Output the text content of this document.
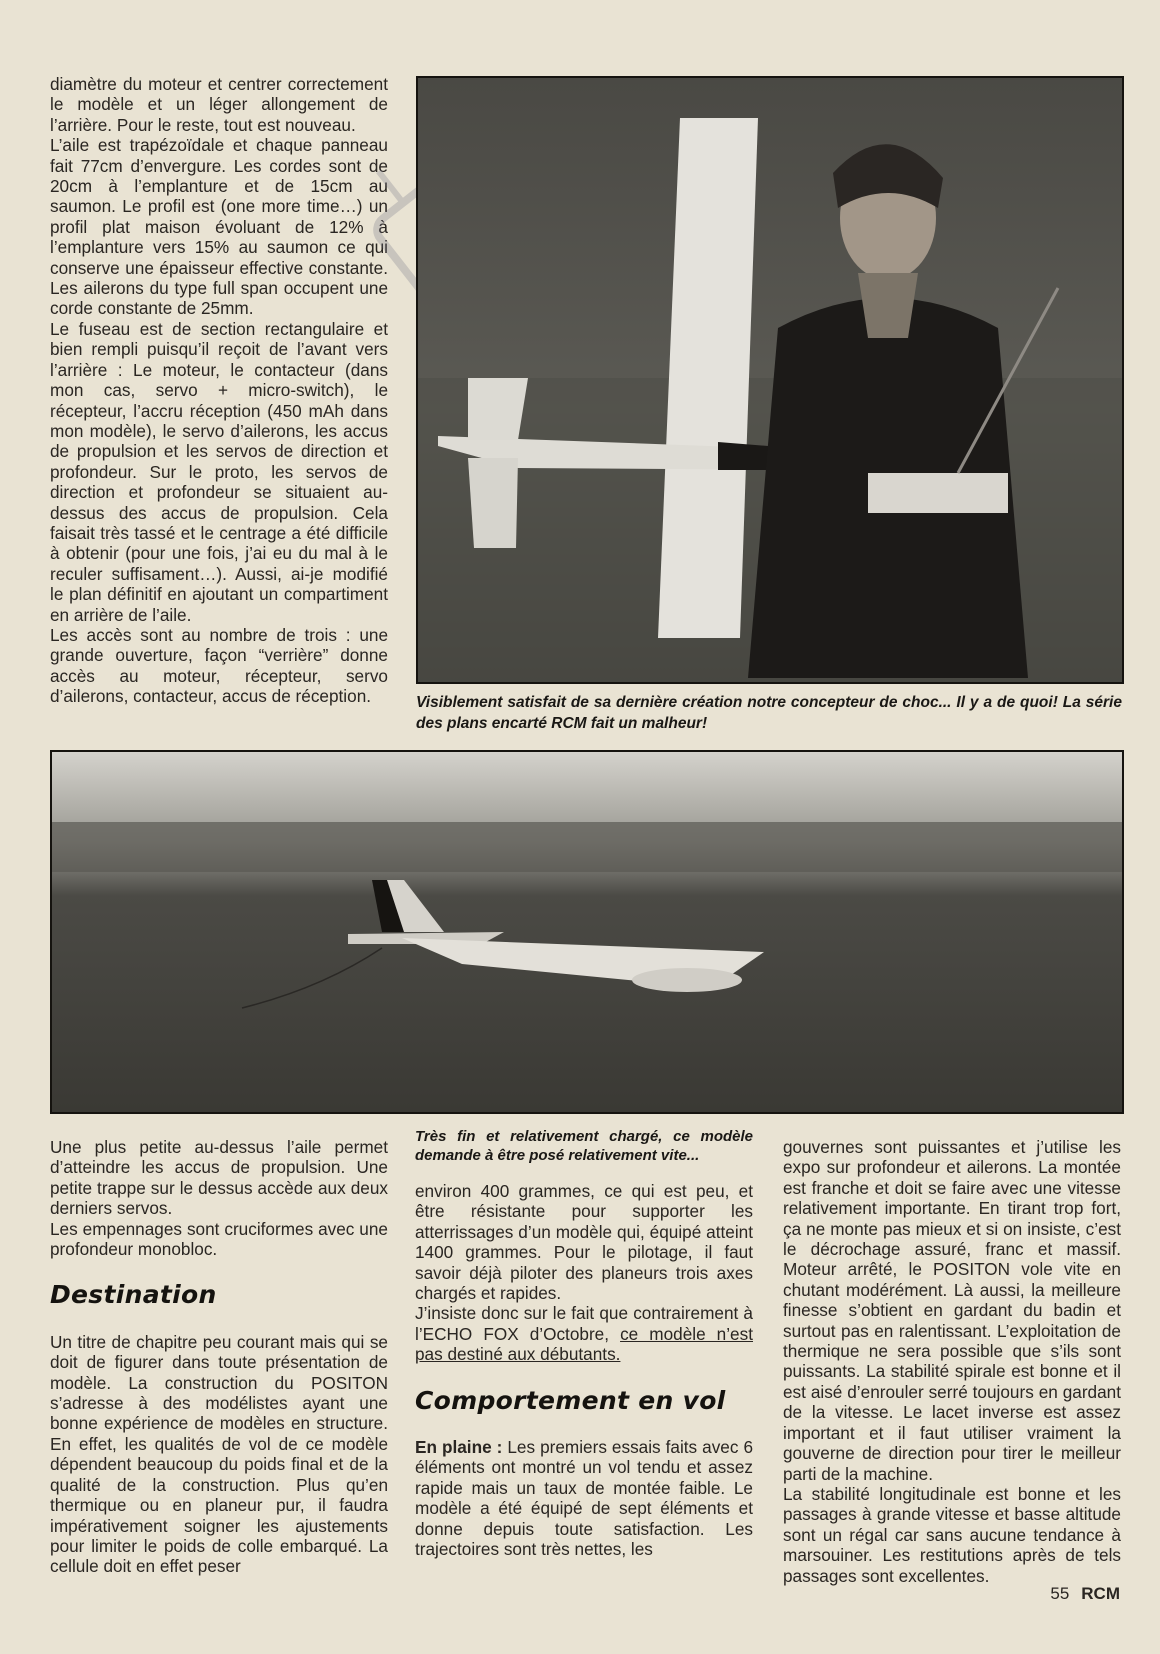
diamètre du moteur et centrer correctement le modèle et un léger allongement de l’arrière. Pour le reste, tout est nouveau.

L’aile est trapézoïdale et chaque panneau fait 77cm d’envergure. Les cordes sont de 20cm à l’emplanture et de 15cm au saumon. Le profil est (one more time…) un profil plat maison évoluant de 12% à l’emplanture vers 15% au saumon ce qui conserve une épaisseur effective constante. Les ailerons du type full span occupent une corde constante de 25mm.

Le fuseau est de section rectangulaire et bien rempli puisqu’il reçoit de l’avant vers l’arrière : Le moteur, le contacteur (dans mon cas, servo + micro-switch), le récepteur, l’accru réception (450 mAh dans mon modèle), le servo d’ailerons, les accus de propulsion et les servos de direction et profondeur. Sur le proto, les servos de direction et profondeur se situaient au-dessus des accus de propulsion. Cela faisait très tassé et le centrage a été difficile à obtenir (pour une fois, j’ai eu du mal à le reculer suffisament…). Aussi, ai-je modifié le plan définitif en ajoutant un compartiment en arrière de l’aile.

Les accès sont au nombre de trois : une grande ouverture, façon “verrière” donne accès au moteur, récepteur, servo d’ailerons, contacteur, accus de réception.	Visiblement satisfait de sa dernière création notre concepteur de choc... Il y a de quoi! La série des plans encarté RCM fait un malheur!

Une plus petite au-dessus l’aile permet d’atteindre les accus de propulsion. Une petite trappe sur le dessus accède aux deux derniers servos.

Les empennages sont cruciformes avec une profondeur monobloc.

Destination

Un titre de chapitre peu courant mais qui se doit de figurer dans toute présentation de modèle. La construction du POSITON s’adresse à des modélistes ayant une bonne expérience de modèles en structure. En effet, les qualités de vol de ce modèle dépendent beaucoup du poids final et de la qualité de la construction. Plus qu’en thermique ou en planeur pur, il faudra impérativement soigner les ajustements pour limiter le poids de colle embarqué. La cellule doit en effet peser

Très fin et relativement chargé, ce modèle demande à être posé relativement vite...

environ 400 grammes, ce qui est peu, et être résistante pour supporter les atterrissages d’un modèle qui, équipé atteint 1400 grammes. Pour le pilotage, il faut savoir déjà piloter des planeurs trois axes chargés et rapides.

J’insiste donc sur le fait que contrairement à l’ECHO FOX d’Octobre, ce modèle n’est pas destiné aux débutants.

Comportement en vol

En plaine : Les premiers essais faits avec 6 éléments ont montré un vol tendu et assez rapide mais un taux de montée faible. Le modèle a été équipé de sept éléments et donne depuis toute satisfaction. Les trajectoires sont très nettes, les

gouvernes sont puissantes et j’utilise les expo sur profondeur et ailerons. La montée est franche et doit se faire avec une vitesse relativement importante. En tirant trop fort, ça ne monte pas mieux et si on insiste, c’est le décrochage assuré, franc et massif. Moteur arrêté, le POSITON vole vite en chutant modérément. Là aussi, la meilleure finesse s’obtient en gardant du badin et surtout pas en ralentissant. L’exploitation de thermique ne sera possible que s’ils sont puissants. La stabilité spirale est bonne et il est aisé d’enrouler serré toujours en gardant de la vitesse. Le lacet inverse est assez important et il faut utiliser vraiment la gouverne de direction pour tirer le meilleur parti de la machine.

La stabilité longitudinale est bonne et les passages à grande vitesse et basse altitude sont un régal car sans aucune tendance à marsouiner. Les restitutions après de tels passages sont excellentes.

55 RCM
